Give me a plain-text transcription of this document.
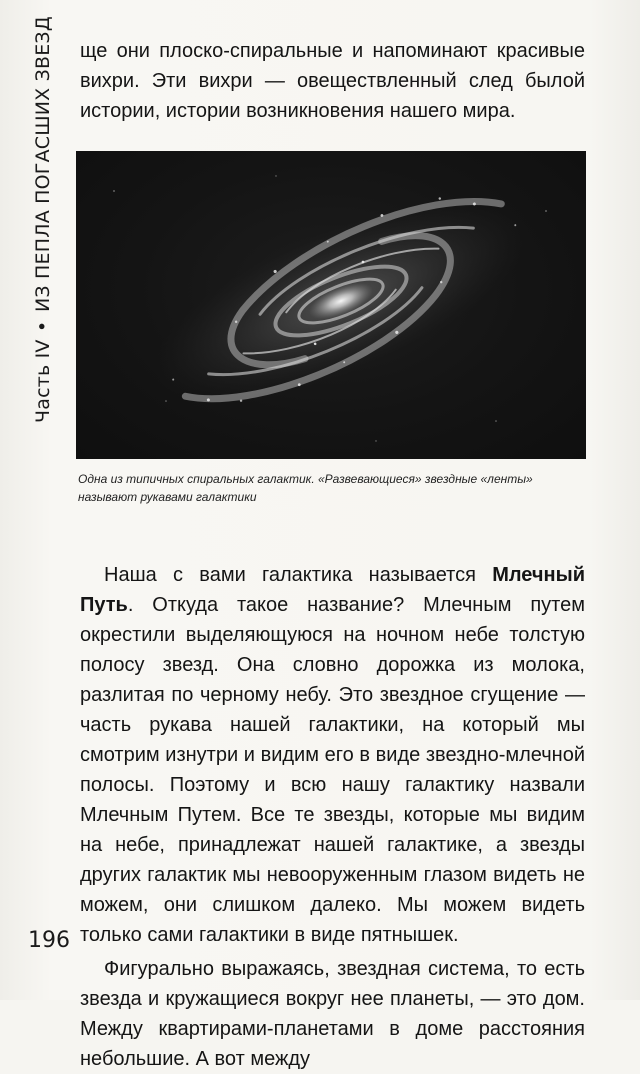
Часть IV
•
ИЗ ПЕПЛА ПОГАСШИХ ЗВЕЗД ще они плоско-спиральные и напоминают красивые вихри. Эти вихри — овеществленный след былой истории, истории возникновения нашего мира.

Одна из типичных спиральных галактик. «Развевающиеся» звездные «ленты» называют рукавами галактики

Наша с вами галактика называется Млечный Путь. Откуда такое название? Млечным путем окрестили выделяющуюся на ночном небе толстую полосу звезд. Она словно дорожка из молока, разлитая по черному небу. Это звездное сгущение — часть рукава нашей галактики, на который мы смотрим изнутри и видим его в виде звездно-млечной полосы. Поэтому и всю нашу галактику назвали Млечным Путем. Все те звезды, которые мы видим на небе, принадлежат нашей галактике, а звезды других галактик мы невооруженным глазом видеть не можем, они слишком далеко. Мы можем видеть только сами галактики в виде пятнышек.

Фигурально выражаясь, звездная система, то есть звезда и кружащиеся вокруг нее планеты, — это дом. Между квартирами-планетами в доме расстояния небольшие. А вот между

196
